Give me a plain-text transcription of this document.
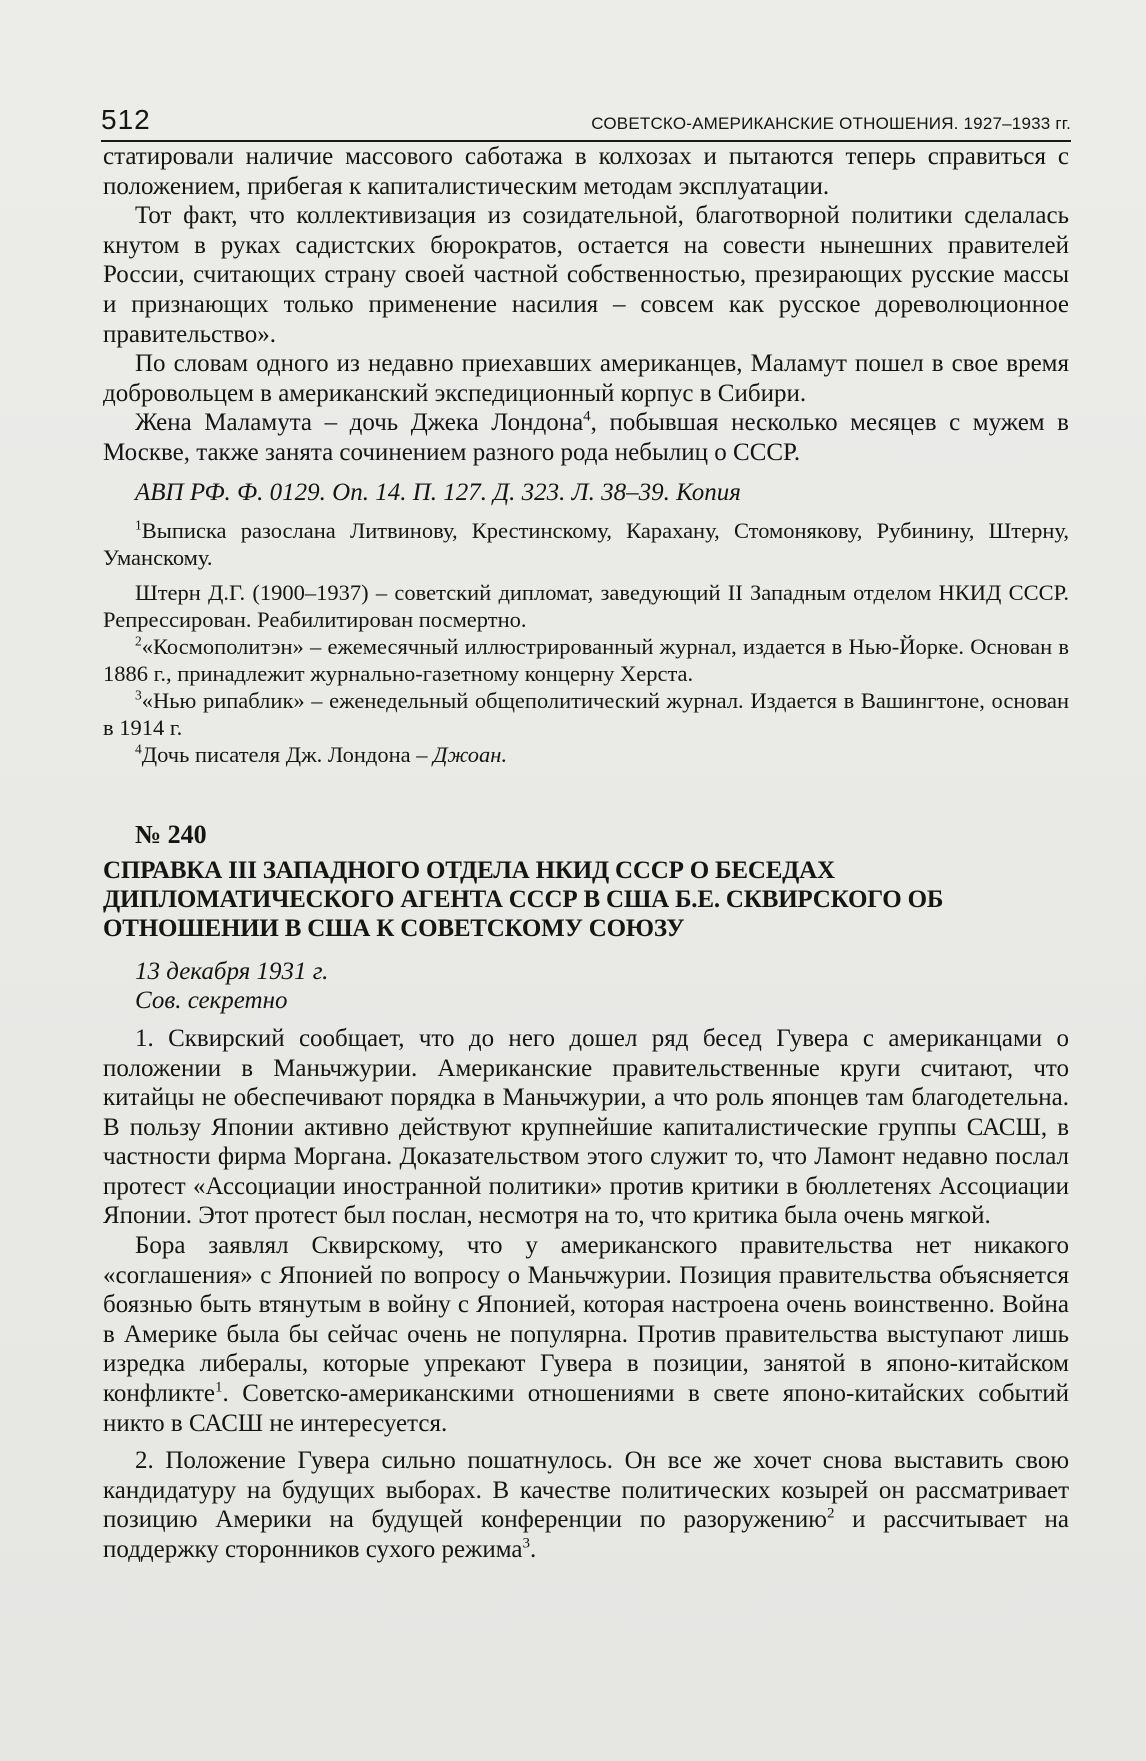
512	СОВЕТСКО-АМЕРИКАНСКИЕ ОТНОШЕНИЯ. 1927–1933 гг.

статировали наличие массового саботажа в колхозах и пытаются теперь справиться с положением, прибегая к капиталистическим методам эксплуатации.

Тот факт, что коллективизация из созидательной, благотворной политики сделалась кнутом в руках садистских бюрократов, остается на совести нынешних правителей России, считающих страну своей частной собственностью, презирающих русские массы и признающих только применение насилия – совсем как русское дореволюционное правительство».

По словам одного из недавно приехавших американцев, Маламут пошел в свое время добровольцем в американский экспедиционный корпус в Сибири.

Жена Маламута – дочь Джека Лондона$^4$, побывшая несколько месяцев с мужем в Москве, также занята сочинением разного рода небылиц о СССР.

АВП РФ. Ф. 0129. Оп. 14. П. 127. Д. 323. Л. 38–39. Копия

$^1$Выписка разослана Литвинову, Крестинскому, Карахану, Стомонякову, Рубинину, Штерну, Уманскому.

Штерн Д.Г. (1900–1937) – советский дипломат, заведующий II Западным отделом НКИД СССР. Репрессирован. Реабилитирован посмертно.

$^2$«Космополитэн» – ежемесячный иллюстрированный журнал, издается в Нью-Йорке. Основан в 1886 г., принадлежит журнально-газетному концерну Херста.

$^3$«Нью рипаблик» – еженедельный общеполитический журнал. Издается в Вашингтоне, основан в 1914 г.

$^4$Дочь писателя Дж. Лондона – Джоан.

№ 240

СПРАВКА III ЗАПАДНОГО ОТДЕЛА НКИД СССР О БЕСЕДАХ ДИПЛОМАТИЧЕСКОГО АГЕНТА СССР В США Б.Е. СКВИРСКОГО ОБ ОТНОШЕНИИ В США К СОВЕТСКОМУ СОЮЗУ

13 декабря 1931 г.

Сов. секретно

1. Сквирский сообщает, что до него дошел ряд бесед Гувера с американцами о положении в Маньчжурии. Американские правительственные круги считают, что китайцы не обеспечивают порядка в Маньчжурии, а что роль японцев там благодетельна. В пользу Японии активно действуют крупнейшие капиталистические группы САСШ, в частности фирма Моргана. Доказательством этого служит то, что Ламонт недавно послал протест «Ассоциации иностранной политики» против критики в бюллетенях Ассоциации Японии. Этот протест был послан, несмотря на то, что критика была очень мягкой.

Бора заявлял Сквирскому, что у американского правительства нет никакого «соглашения» с Японией по вопросу о Маньчжурии. Позиция правительства объясняется боязнью быть втянутым в войну с Японией, которая настроена очень воинственно. Война в Америке была бы сейчас очень не популярна. Против правительства выступают лишь изредка либералы, которые упрекают Гувера в позиции, занятой в японо-китайском конфликте$^1$. Советско-американскими отношениями в свете японо-китайских событий никто в САСШ не интересуется.

2. Положение Гувера сильно пошатнулось. Он все же хочет снова выставить свою кандидатуру на будущих выборах. В качестве политических козырей он рассматривает позицию Америки на будущей конференции по разоружению$^2$ и рассчитывает на поддержку сторонников сухого режима$^3$.
